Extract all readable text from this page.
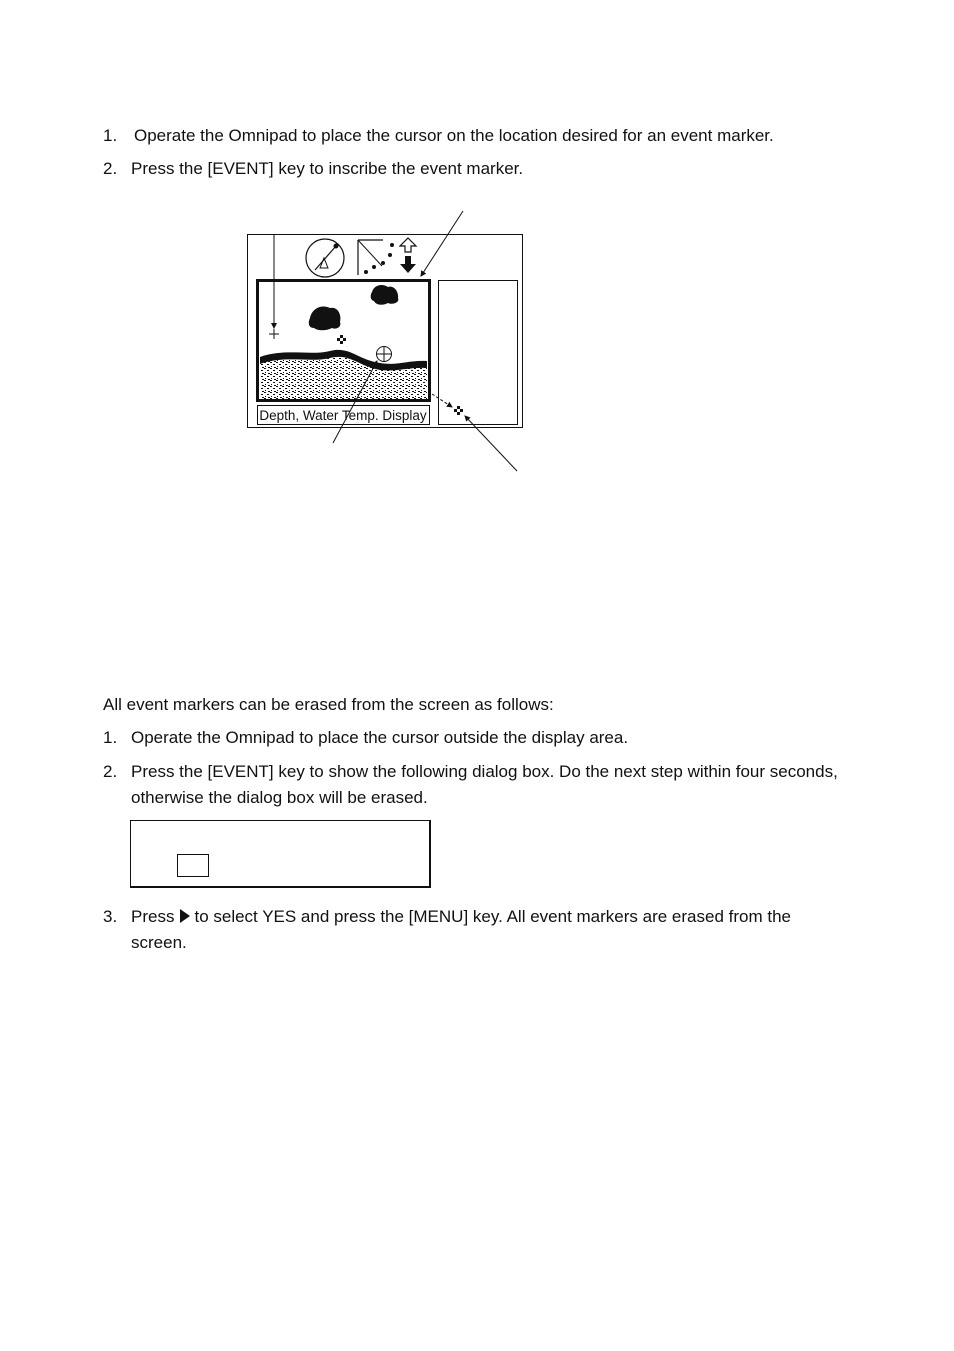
1. Operate the Omnipad to place the cursor on the location desired for an event marker.
2. Press the [EVENT] key to inscribe the event marker.
Depth, Water Temp. Display
All event markers can be erased from the screen as follows:
1. Operate the Omnipad to place the cursor outside the display area.
2. Press the [EVENT] key to show the following dialog box. Do the next step within four seconds, otherwise the dialog box will be erased.
3. Press to select YES and press the [MENU] key. All event markers are erased from the screen.
